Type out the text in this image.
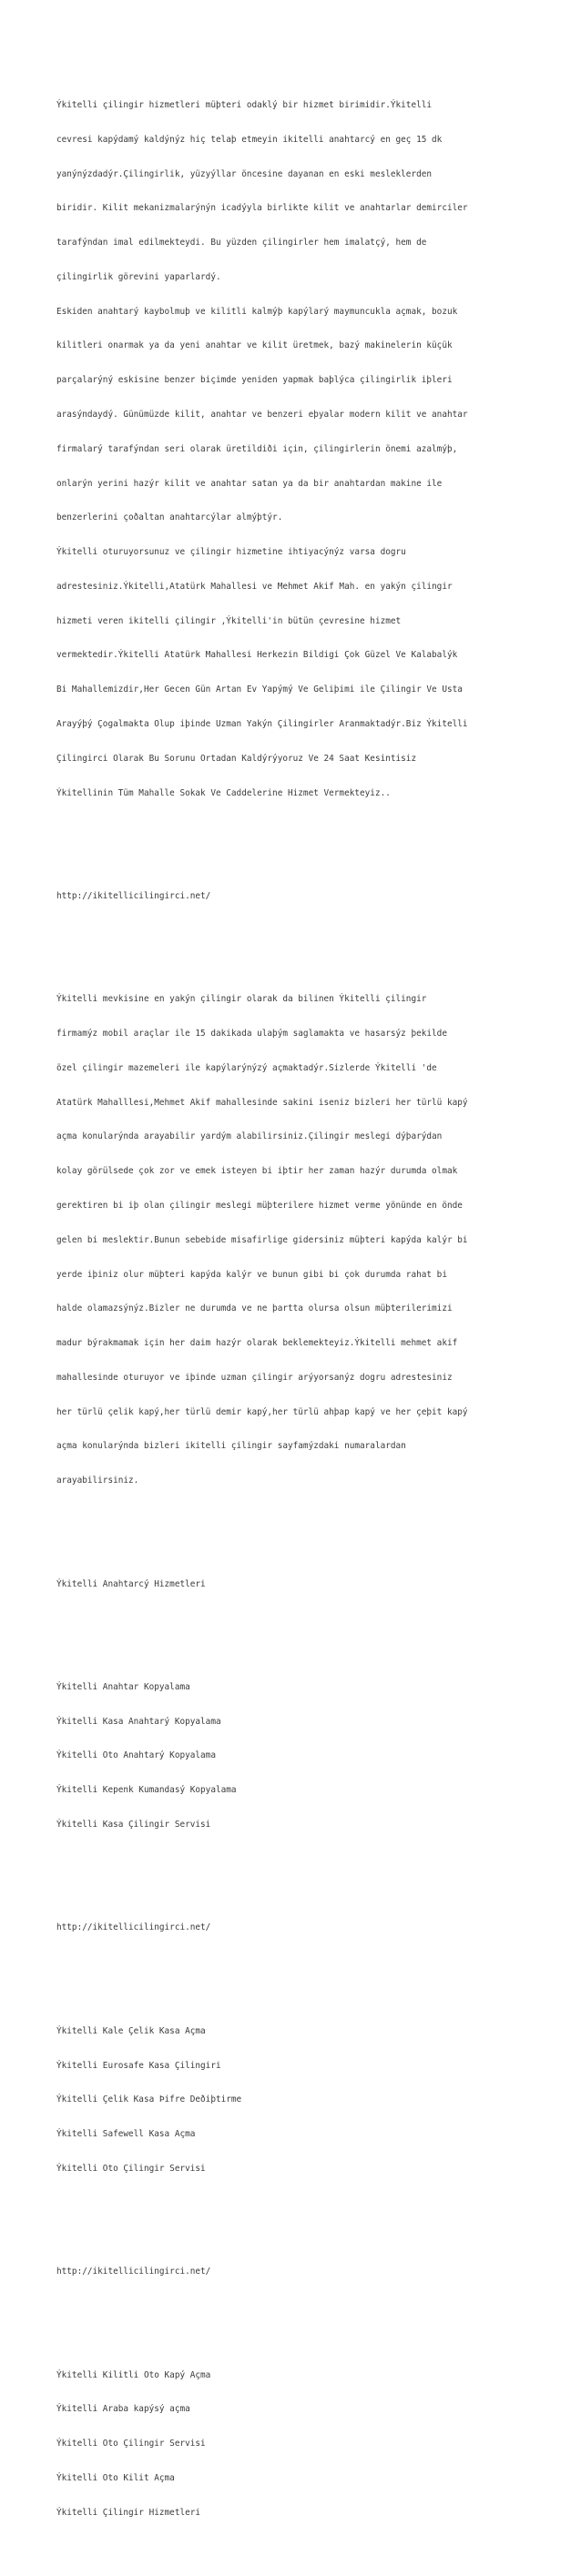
Ýkitelli çilingir hizmetleri müþteri odaklý bir hizmet birimidir.Ýkitelli

cevresi kapýdamý kaldýnýz hiç telaþ etmeyin ikitelli anahtarcý en geç 15 dk

yanýnýzdadýr.Çilingirlik, yüzyýllar öncesine dayanan en eski mesleklerden

biridir. Kilit mekanizmalarýnýn icadýyla birlikte kilit ve anahtarlar demirciler

tarafýndan imal edilmekteydi. Bu yüzden çilingirler hem imalatçý, hem de

çilingirlik görevini yaparlardý.

Eskiden anahtarý kaybolmuþ ve kilitli kalmýþ kapýlarý maymuncukla açmak, bozuk

kilitleri onarmak ya da yeni anahtar ve kilit üretmek, bazý makinelerin küçük

parçalarýný eskisine benzer biçimde yeniden yapmak baþlýca çilingirlik iþleri

arasýndaydý. Günümüzde kilit, anahtar ve benzeri eþyalar modern kilit ve anahtar

firmalarý tarafýndan seri olarak üretildiði için, çilingirlerin önemi azalmýþ,

onlarýn yerini hazýr kilit ve anahtar satan ya da bir anahtardan makine ile

benzerlerini çoðaltan anahtarcýlar almýþtýr.

Ýkitelli oturuyorsunuz ve çilingir hizmetine ihtiyacýnýz varsa dogru

adrestesiniz.Ýkitelli,Atatürk Mahallesi ve Mehmet Akif Mah. en yakýn çilingir

hizmeti veren ikitelli çilingir ,Ýkitelli'in bütün çevresine hizmet

vermektedir.Ýkitelli Atatürk Mahallesi Herkezin Bildigi Çok Güzel Ve Kalabalýk

Bi Mahallemizdir,Her Gecen Gün Artan Ev Yapýmý Ve Geliþimi ile Çilingir Ve Usta

Arayýþý Çogalmakta Olup iþinde Uzman Yakýn Çilingirler Aranmaktadýr.Biz Ýkitelli

Çilingirci Olarak Bu Sorunu Ortadan Kaldýrýyoruz Ve 24 Saat Kesintisiz

Ýkitellinin Tüm Mahalle Sokak Ve Caddelerine Hizmet Vermekteyiz..

http://ikitellicilingirci.net/

Ýkitelli mevkisine en yakýn çilingir olarak da bilinen Ýkitelli çilingir

firmamýz mobil araçlar ile 15 dakikada ulaþým saglamakta ve hasarsýz þekilde

özel çilingir mazemeleri ile kapýlarýnýzý açmaktadýr.Sizlerde Ýkitelli 'de

Atatürk Mahalllesi,Mehmet Akif mahallesinde sakini iseniz bizleri her türlü kapý

açma konularýnda arayabilir yardým alabilirsiniz.Çilingir meslegi dýþarýdan

kolay görülsede çok zor ve emek isteyen bi iþtir her zaman hazýr durumda olmak

gerektiren bi iþ olan çilingir meslegi müþterilere hizmet verme yönünde en önde

gelen bi meslektir.Bunun sebebide misafirlige gidersiniz müþteri kapýda kalýr bi

yerde iþiniz olur müþteri kapýda kalýr ve bunun gibi bi çok durumda rahat bi

halde olamazsýnýz.Bizler ne durumda ve ne þartta olursa olsun müþterilerimizi

madur býrakmamak için her daim hazýr olarak beklemekteyiz.Ýkitelli mehmet akif

mahallesinde oturuyor ve iþinde uzman çilingir arýyorsanýz dogru adrestesiniz

her türlü çelik kapý,her türlü demir kapý,her türlü ahþap kapý ve her çeþit kapý

açma konularýnda bizleri ikitelli çilingir sayfamýzdaki numaralardan

arayabilirsiniz.

Ýkitelli Anahtarcý Hizmetleri

Ýkitelli Anahtar Kopyalama

Ýkitelli Kasa Anahtarý Kopyalama

Ýkitelli Oto Anahtarý Kopyalama

Ýkitelli Kepenk Kumandasý Kopyalama

Ýkitelli Kasa Çilingir Servisi

http://ikitellicilingirci.net/

Ýkitelli Kale Çelik Kasa Açma

Ýkitelli Eurosafe Kasa Çilingiri

Ýkitelli Çelik Kasa Þifre Deðiþtirme

Ýkitelli Safewell Kasa Açma

Ýkitelli Oto Çilingir Servisi

http://ikitellicilingirci.net/

Ýkitelli Kilitli Oto Kapý Açma

Ýkitelli Araba kapýsý açma

Ýkitelli Oto Çilingir Servisi

Ýkitelli Oto Kilit Açma

Ýkitelli Çilingir Hizmetleri
